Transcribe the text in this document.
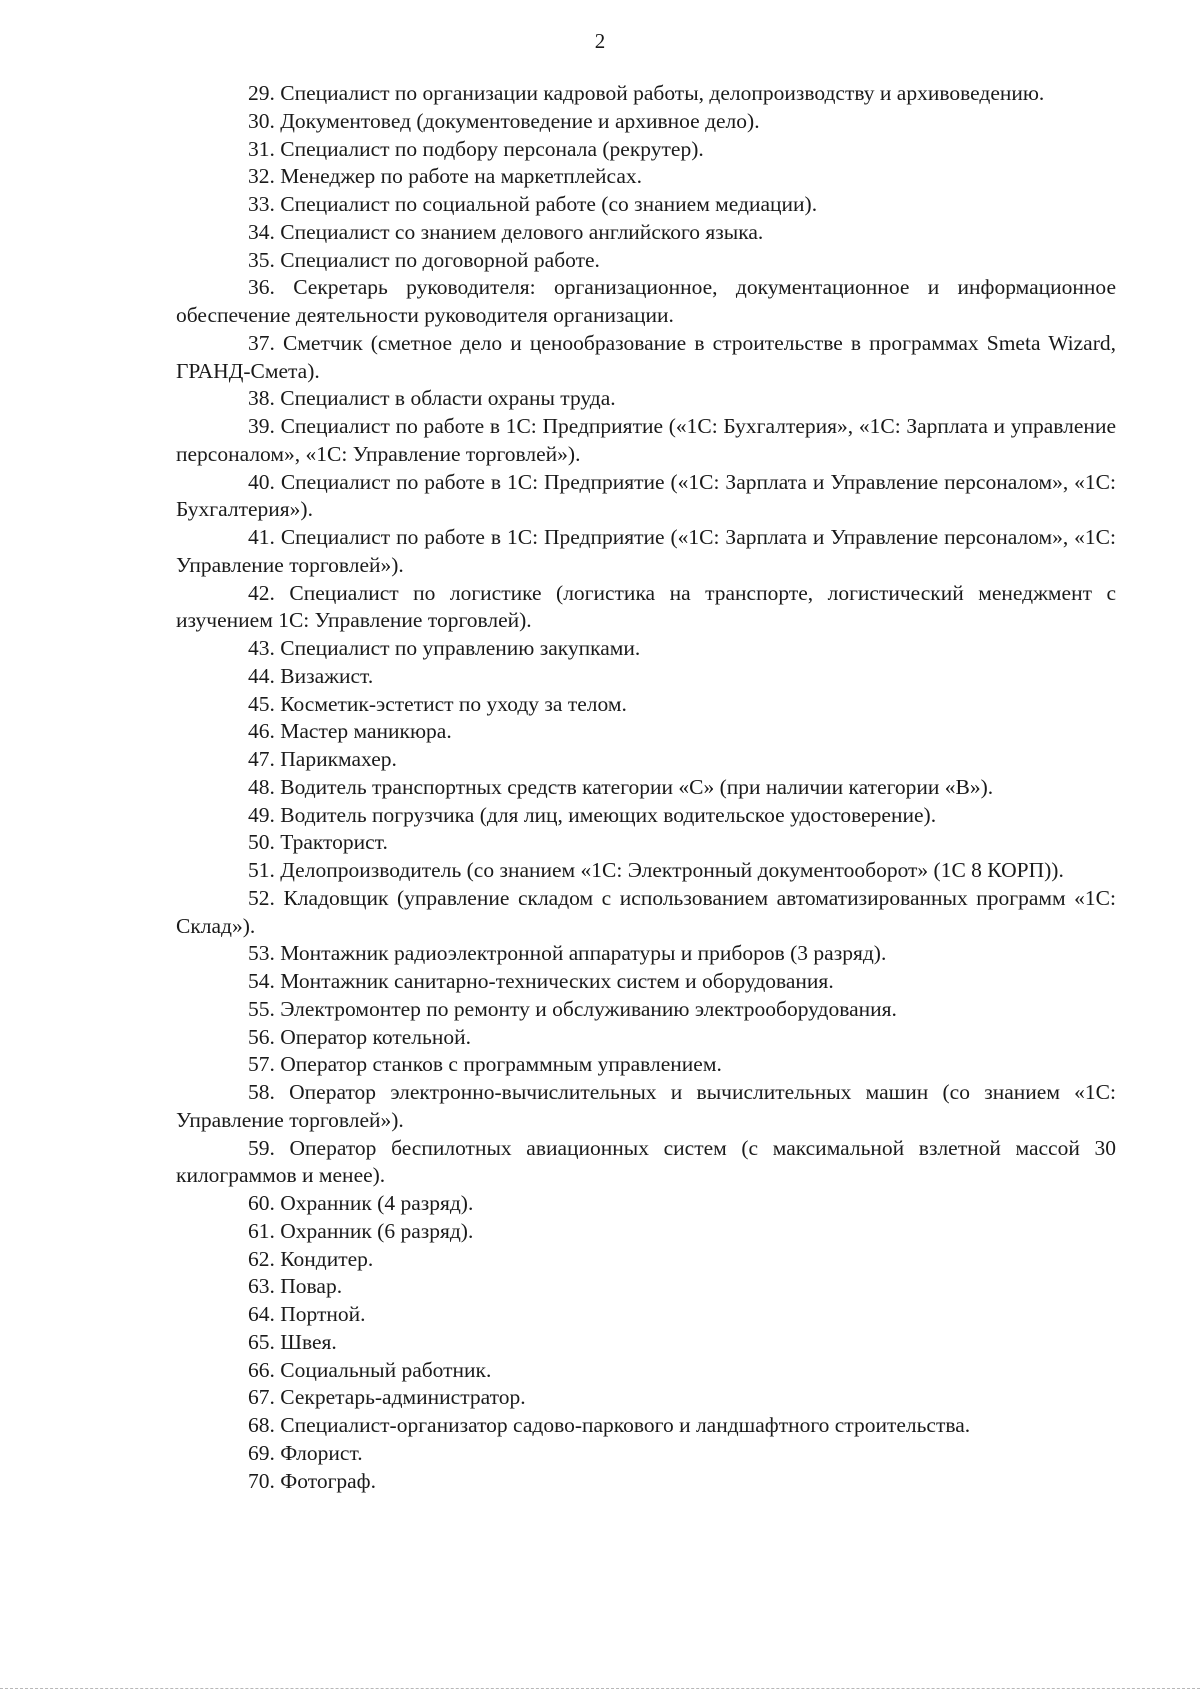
2

29. Специалист по организации кадровой работы, делопроизводству и архивоведению.

30. Документовед (документоведение и архивное дело).

31. Специалист по подбору персонала (рекрутер).

32. Менеджер по работе на маркетплейсах.

33. Специалист по социальной работе (со знанием медиации).

34. Специалист со знанием делового английского языка.

35. Специалист по договорной работе.

36. Секретарь руководителя: организационное, документационное и информационное обеспечение деятельности руководителя организации.

37. Сметчик (сметное дело и ценообразование в строительстве в программах Smeta Wizard, ГРАНД-Смета).

38. Специалист в области охраны труда.

39. Специалист по работе в 1С: Предприятие («1С: Бухгалтерия», «1С: Зарплата и управление персоналом», «1С: Управление торговлей»).

40. Специалист по работе в 1С: Предприятие («1С: Зарплата и Управление персоналом», «1С: Бухгалтерия»).

41. Специалист по работе в 1С: Предприятие («1С: Зарплата и Управление персоналом», «1С: Управление торговлей»).

42. Специалист по логистике (логистика на транспорте, логистический менеджмент с изучением 1С: Управление торговлей).

43. Специалист по управлению закупками.

44. Визажист.

45. Косметик-эстетист по уходу за телом.

46. Мастер маникюра.

47. Парикмахер.

48. Водитель транспортных средств категории «С» (при наличии категории «В»).

49. Водитель погрузчика (для лиц, имеющих водительское удостоверение).

50. Тракторист.

51. Делопроизводитель (со знанием «1С: Электронный документооборот» (1С 8 КОРП)).

52. Кладовщик (управление складом с использованием автоматизированных программ «1С: Склад»).

53. Монтажник радиоэлектронной аппаратуры и приборов (3 разряд).

54. Монтажник санитарно-технических систем и оборудования.

55. Электромонтер по ремонту и обслуживанию электрооборудования.

56. Оператор котельной.

57. Оператор станков с программным управлением.

58. Оператор электронно-вычислительных и вычислительных машин (со знанием «1С: Управление торговлей»).

59. Оператор беспилотных авиационных систем (с максимальной взлетной массой 30 килограммов и менее).

60. Охранник (4 разряд).

61. Охранник (6 разряд).

62. Кондитер.

63. Повар.

64. Портной.

65. Швея.

66. Социальный работник.

67. Секретарь-администратор.

68. Специалист-организатор садово-паркового и ландшафтного строительства.

69. Флорист.

70. Фотограф.
